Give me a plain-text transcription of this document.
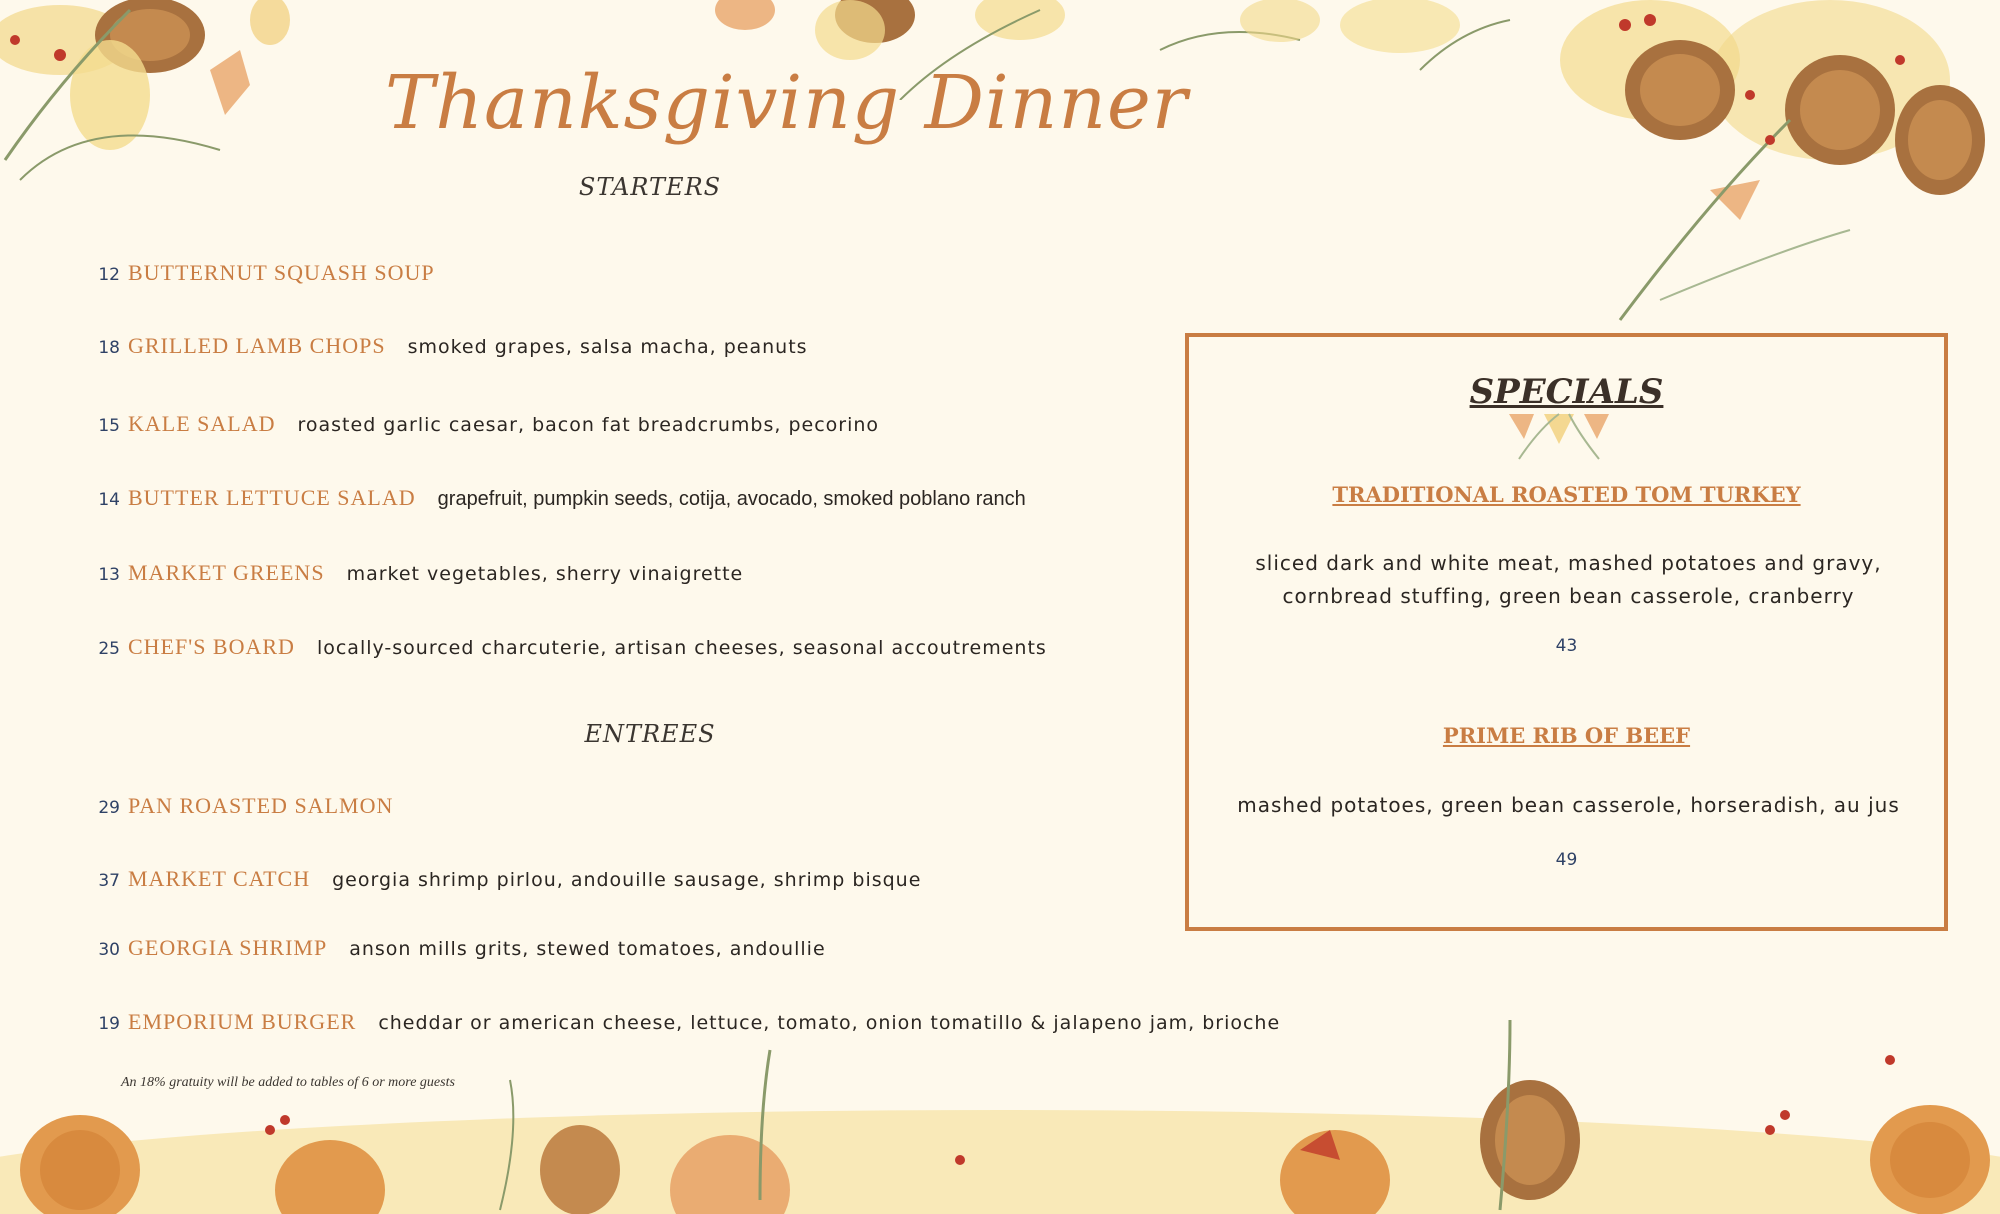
Thanksgiving Dinner
STARTERS
12 BUTTERNUT SQUASH SOUP
18 GRILLED LAMB CHOPS smoked grapes, salsa macha, peanuts
15 KALE SALAD roasted garlic caesar, bacon fat breadcrumbs, pecorino
14 BUTTER LETTUCE SALAD grapefruit, pumpkin seeds, cotija, avocado, smoked poblano ranch
13 MARKET GREENS market vegetables, sherry vinaigrette
25 CHEF'S BOARD locally-sourced charcuterie, artisan cheeses, seasonal accoutrements
ENTREES
29 PAN ROASTED SALMON
37 MARKET CATCH georgia shrimp pirlou, andouille sausage, shrimp bisque
30 GEORGIA SHRIMP anson mills grits, stewed tomatoes, andoullie
19 EMPORIUM BURGER cheddar or american cheese, lettuce, tomato, onion tomatillo & jalapeno jam, brioche
An 18% gratuity will be added to tables of 6 or more guests
SPECIALS
TRADITIONAL ROASTED TOM TURKEY
sliced dark and white meat, mashed potatoes and gravy, cornbread stuffing, green bean casserole, cranberry
43
PRIME RIB OF BEEF
mashed potatoes, green bean casserole, horseradish, au jus
49
